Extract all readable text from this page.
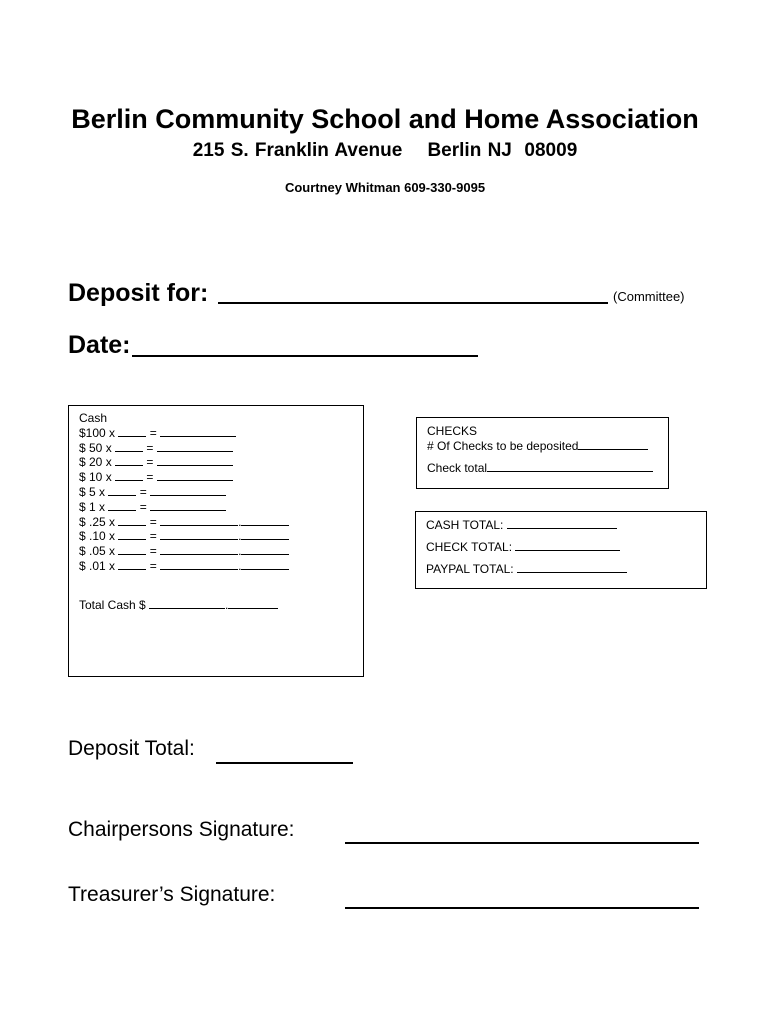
Berlin Community School and Home Association
215 S. Franklin Avenue    Berlin NJ  08009
Courtney Whitman 609-330-9095
Deposit for:	(Committee)
Date:
Cash
$100 x	=
$ 50 x	=
$ 20 x	=
$ 10 x	=
$ 5 x	=
$ 1 x	=
$ .25 x	=	.
$ .10 x	=	.
$ .05 x	=	.
$ .01 x	=	.
Total Cash $	.
CHECKS
# Of Checks to be deposited
Check total
CASH TOTAL:
CHECK TOTAL:
PAYPAL TOTAL:
Deposit Total:
Chairpersons Signature:
Treasurer’s Signature:
